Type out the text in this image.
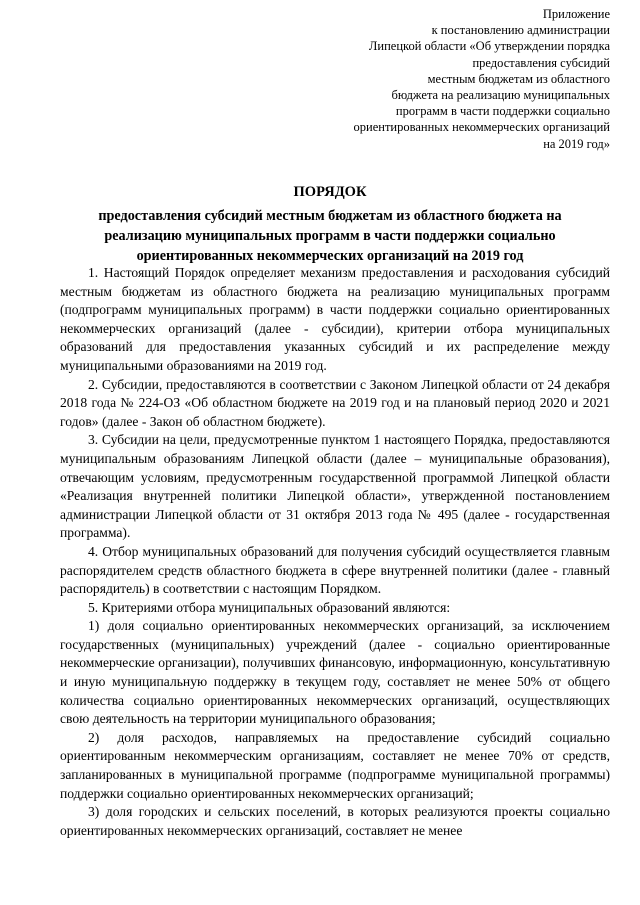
Приложение
к постановлению администрации
Липецкой области «Об утверждении порядка
предоставления субсидий
местным бюджетам из областного
бюджета на реализацию муниципальных
программ в части поддержки социально
ориентированных некоммерческих организаций
на 2019 год»
ПОРЯДОК
предоставления субсидий местным бюджетам из областного бюджета на
реализацию муниципальных программ в части поддержки социально
ориентированных некоммерческих организаций на 2019 год

1. Настоящий Порядок определяет механизм предоставления и расходования субсидий местным бюджетам из областного бюджета на реализацию муниципальных программ (подпрограмм муниципальных программ) в части поддержки социально ориентированных некоммерческих организаций (далее - субсидии), критерии отбора муниципальных образований для предоставления указанных субсидий и их распределение между муниципальными образованиями на 2019 год.

2. Субсидии, предоставляются в соответствии с Законом Липецкой области от 24 декабря 2018 года № 224-ОЗ «Об областном бюджете на 2019 год и на плановый период 2020 и 2021 годов» (далее - Закон об областном бюджете).

3. Субсидии на цели, предусмотренные пунктом 1 настоящего Порядка, предоставляются муниципальным образованиям Липецкой области (далее – муниципальные образования), отвечающим условиям, предусмотренным государственной программой Липецкой области «Реализация внутренней политики Липецкой области», утвержденной постановлением администрации Липецкой области от 31 октября 2013 года № 495 (далее - государственная программа).

4. Отбор муниципальных образований для получения субсидий осуществляется главным распорядителем средств областного бюджета в сфере внутренней политики (далее - главный распорядитель) в соответствии с настоящим Порядком.

5. Критериями отбора муниципальных образований являются:

1) доля социально ориентированных некоммерческих организаций, за исключением государственных (муниципальных) учреждений (далее - социально ориентированные некоммерческие организации), получивших финансовую, информационную, консультативную и иную муниципальную поддержку в текущем году, составляет не менее 50% от общего количества социально ориентированных некоммерческих организаций, осуществляющих свою деятельность на территории муниципального образования;

2) доля расходов, направляемых на предоставление субсидий социально ориентированным некоммерческим организациям, составляет не менее 70% от средств, запланированных в муниципальной программе (подпрограмме муниципальной программы) поддержки социально ориентированных некоммерческих организаций;

3) доля городских и сельских поселений, в которых реализуются проекты социально ориентированных некоммерческих организаций, составляет не менее
